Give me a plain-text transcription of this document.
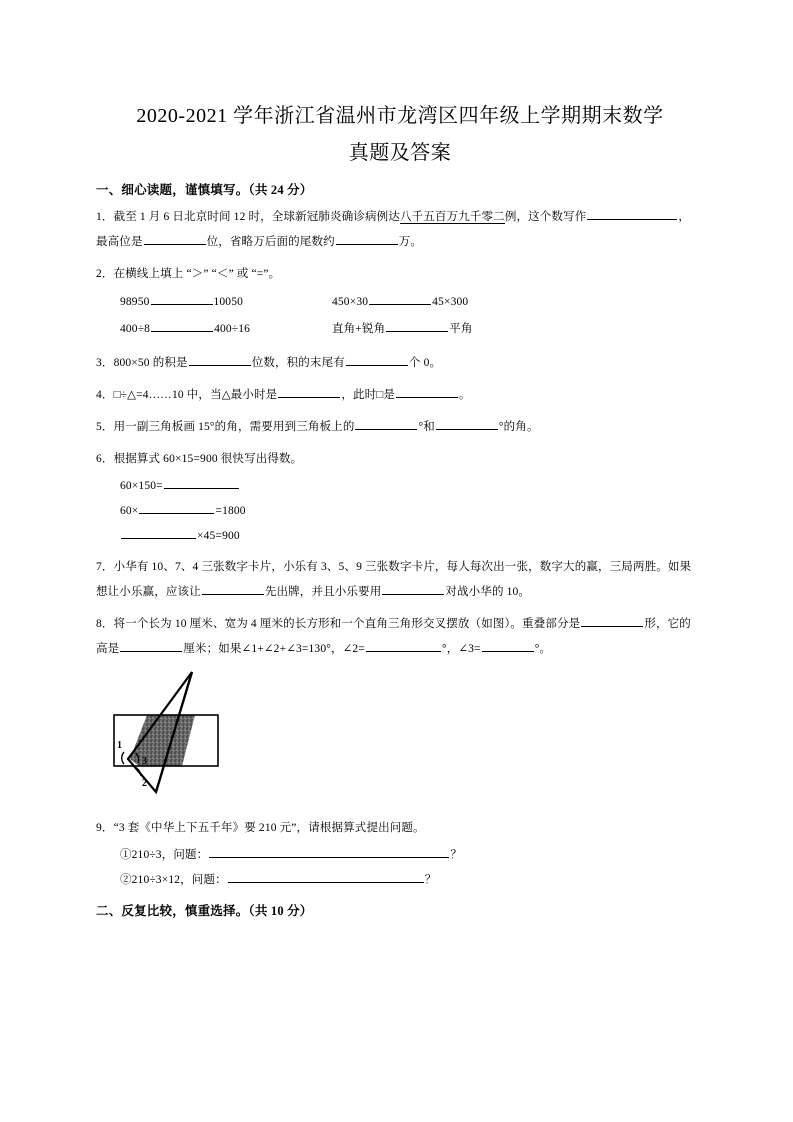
2020-2021 学年浙江省温州市龙湾区四年级上学期期末数学
真题及答案
一、细心读题，谨慎填写。（共 24 分）
1．截至 1 月 6 日北京时间 12 时，全球新冠肺炎确诊病例达八千五百万九千零二例，这个数写作	，最高位是	位，省略万后面的尾数约	万。
2．在横线上填上 “＞” “＜” 或 “=”。
98950	10050	450×30	45×300
400÷8	400÷16	直角+锐角	平角
3．800×50 的积是	位数，积的末尾有	个 0。
4．□÷△=4……10 中，当△最小时是	，此时□是	。
5．用一副三角板画 15°的角，需要用到三角板上的	°和	°的角。
6．根据算式 60×15=900 很快写出得数。
60×150=
60×	=1800
×45=900
7．小华有 10、7、4 三张数字卡片，小乐有 3、5、9 三张数字卡片，每人每次出一张，数字大的赢，三局两胜。如果想让小乐赢，应该让	先出牌，并且小乐要用	对战小华的 10。
8．将一个长为 10 厘米、宽为 4 厘米的长方形和一个直角三角形交叉摆放（如图）。重叠部分是	形，它的高是	厘米；如果∠1+∠2+∠3=130°，∠2=	°，∠3=	°。
1
2
3
9．“3 套《中华上下五千年》要 210 元”，请根据算式提出问题。
①210÷3，问题：	？
②210÷3×12，问题：	？
二、反复比较，慎重选择。（共 10 分）
